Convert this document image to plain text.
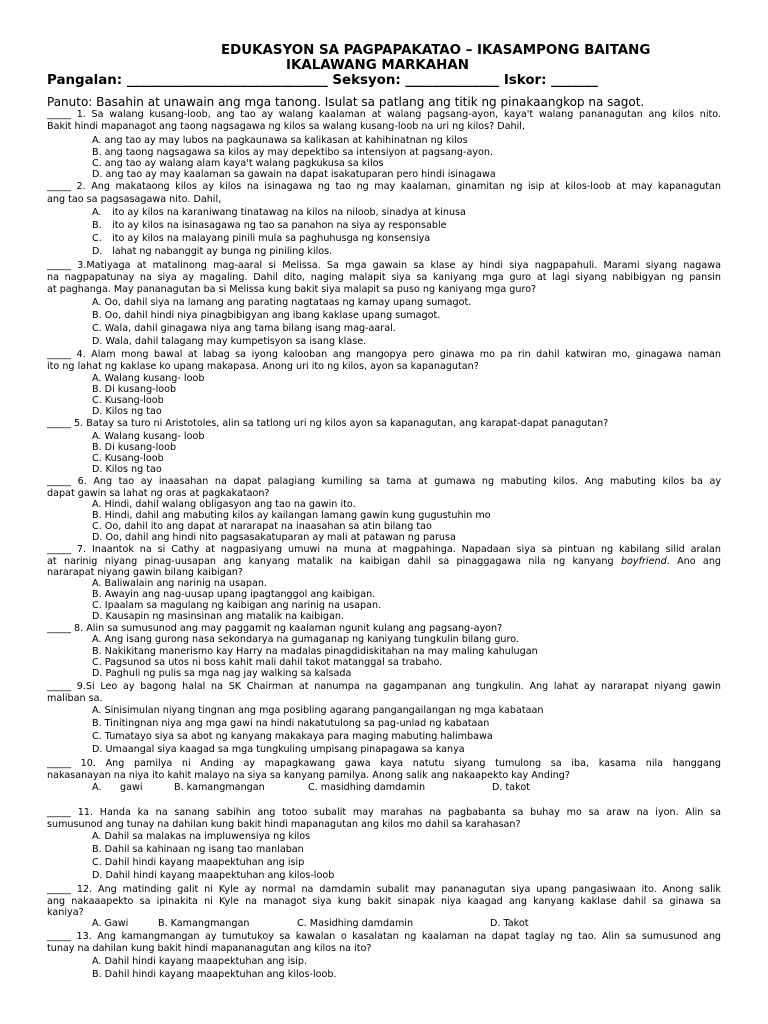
EDUKASYON SA PAGPAPAKATAO – IKASAMPONG BAITANG
IKALAWANG MARKAHAN
Pangalan: ______________________________ Seksyon: ______________ Iskor: _______
Panuto: Basahin at unawain ang mga tanong. Isulat sa patlang ang titik ng pinakaangkop na sagot.
_____ 1. Sa walang kusang-loob, ang tao ay walang kaalaman at walang pagsang-ayon, kaya't walang pananagutan ang kilos nito.
Bakit hindi mapanagot ang taong nagsagawa ng kilos sa walang kusang-loob na uri ng kilos? Dahil,
A. ang tao ay may lubos na pagkaunawa sa kalikasan at kahihinatnan ng kilos
B. ang taong nagsagawa sa kilos ay may depektibo sa intensiyon at pagsang-ayon.
C. ang tao ay walang alam kaya't walang pagkukusa sa kilos
D. ang tao ay may kaalaman sa gawain na dapat isakatuparan pero hindi isinagawa
_____ 2. Ang makataong kilos ay kilos na isinagawa ng tao ng may kaalaman, ginamitan ng isip at kilos-loob at may kapanagutan
ang tao sa pagsasagawa nito. Dahil,
A. ito ay kilos na karaniwang tinatawag na kilos na niloob, sinadya at kinusa
B. ito ay kilos na isinasagawa ng tao sa panahon na siya ay responsable
C. ito ay kilos na malayang pinili mula sa paghuhusga ng konsensiya
D. lahat ng nabanggit ay bunga ng piniling kilos.
_____ 3.Matiyaga at matalinong mag-aaral si Melissa. Sa mga gawain sa klase ay hindi siya nagpapahuli. Marami siyang nagawa
na nagpapatunay na siya ay magaling. Dahil dito, naging malapit siya sa kaniyang mga guro at lagi siyang nabibigyan ng pansin
at paghanga. May pananagutan ba si Melissa kung bakit siya malapit sa puso ng kaniyang mga guro?
A. Oo, dahil siya na lamang ang parating nagtataas ng kamay upang sumagot.
B. Oo, dahil hindi niya pinagbibigyan ang ibang kaklase upang sumagot.
C. Wala, dahil ginagawa niya ang tama bilang isang mag-aaral.
D. Wala, dahil talagang may kumpetisyon sa isang klase.
_____ 4. Alam mong bawal at labag sa iyong kalooban ang mangopya pero ginawa mo pa rin dahil katwiran mo, ginagawa naman
ito ng lahat ng kaklase ko upang makapasa. Anong uri ito ng kilos, ayon sa kapanagutan?
A. Walang kusang- loob
B. Di kusang-loob
C. Kusang-loob
D. Kilos ng tao
_____ 5. Batay sa turo ni Aristotoles, alin sa tatlong uri ng kilos ayon sa kapanagutan, ang karapat-dapat panagutan?
A. Walang kusang- loob
B. Di kusang-loob
C. Kusang-loob
D. Kilos ng tao
_____ 6. Ang tao ay inaasahan na dapat palagiang kumiling sa tama at gumawa ng mabuting kilos. Ang mabuting kilos ba ay
dapat gawin sa lahat ng oras at pagkakataon?
A. Hindi, dahil walang obligasyon ang tao na gawin ito.
B. Hindi, dahil ang mabuting kilos ay kailangan lamang gawin kung gugustuhin mo
C. Oo, dahil ito ang dapat at nararapat na inaasahan sa atin bilang tao
D. Oo, dahil ang hindi nito pagsasakatuparan ay mali at patawan ng parusa
_____ 7. Inaantok na si Cathy at nagpasiyang umuwi na muna at magpahinga. Napadaan siya sa pintuan ng kabilang silid aralan
at narinig niyang pinag-uusapan ang kanyang matalik na kaibigan dahil sa pinaggagawa nila ng kanyang boyfriend. Ano ang
nararapat niyang gawin bilang kaibigan?
A. Baliwalain ang narinig na usapan.
B. Awayin ang nag-uusap upang ipagtanggol ang kaibigan.
C. Ipaalam sa magulang ng kaibigan ang narinig na usapan.
D. Kausapin ng masinsinan ang matalik na kaibigan.
_____ 8. Alin sa sumusunod ang may paggamit ng kaalaman ngunit kulang ang pagsang-ayon?
A. Ang isang gurong nasa sekondarya na gumaganap ng kaniyang tungkulin bilang guro.
B. Nakikitang manerismo kay Harry na madalas pinagdidiskitahan na may maling kahulugan
C. Pagsunod sa utos ni boss kahit mali dahil takot matanggal sa trabaho.
D. Paghuli ng pulis sa mga nag jay walking sa kalsada
_____ 9.Si Leo ay bagong halal na SK Chairman at nanumpa na gagampanan ang tungkulin. Ang lahat ay nararapat niyang gawin
maliban sa.
A. Sinisimulan niyang tingnan ang mga posibling agarang pangangailangan ng mga kabataan
B. Tinitingnan niya ang mga gawi na hindi nakatutulong sa pag-unlad ng kabataan
C. Tumatayo siya sa abot ng kanyang makakaya para maging mabuting halimbawa
D. Umaangal siya kaagad sa mga tungkuling umpisang pinapagawa sa kanya
_____ 10. Ang pamilya ni Anding ay mapagkawang gawa kaya natutu siyang tumulong sa iba, kasama nila hanggang
nakasanayan na niya ito kahit malayo na siya sa kanyang pamilya. Anong salik ang nakaapekto kay Anding?
A. gawi	B. kamangmangan	C. masidhing damdamin	D. takot
_____ 11. Handa ka na sanang sabihin ang totoo subalit may marahas na pagbabanta sa buhay mo sa araw na iyon. Alin sa
sumusunod ang tunay na dahilan kung bakit hindi mapanagutan ang kilos mo dahil sa karahasan?
A. Dahil sa malakas na impluwensiya ng kilos
B. Dahil sa kahinaan ng isang tao manlaban
C. Dahil hindi kayang maapektuhan ang isip
D. Dahil hindi kayang maapektuhan ang kilos-loob
_____ 12. Ang matinding galit ni Kyle ay normal na damdamin subalit may pananagutan siya upang pangasiwaan ito. Anong salik
ang nakaaapekto sa ipinakita ni Kyle na managot siya kung bakit sinapak niya kaagad ang kanyang kaklase dahil sa ginawa sa
kaniya?
A. Gawi	B. Kamangmangan	C. Masidhing damdamin	D. Takot
_____ 13. Ang kamangmangan ay tumutukoy sa kawalan o kasalatan ng kaalaman na dapat taglay ng tao. Alin sa sumusunod ang
tunay na dahilan kung bakit hindi mapananagutan ang kilos na ito?
A. Dahil hindi kayang maapektuhan ang isip.
B. Dahil hindi kayang maapektuhan ang kilos-loob.
